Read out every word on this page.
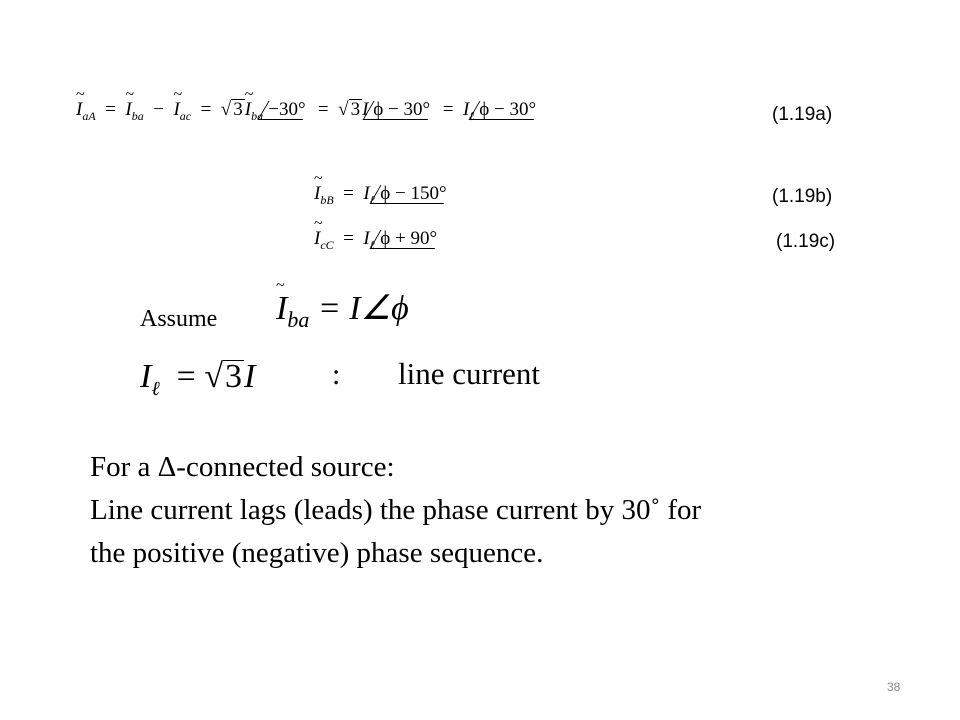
~ $I_{aA}$ = ~ $I_{ba}$ − ~ $I_{ac}$  =  √ 3 ~ $I_{ba} -30^\circ$ =  √ 3 I $\phi - 30^\circ = I_\ell$ ϕ − 30°	(1.19a)
~ $I_{bB} = I_\ell$ ϕ − 150°	(1.19b)
~ $I_{cC} = I_\ell$ ϕ + 90°	(1.19c)
Assume ~ $I_{ba}$ = I∠ϕ
$I_\ell = √3I$	: line current
For a Δ-connected source:
Line current lags (leads) the phase current by 30˚ for
the positive (negative) phase sequence.
38
